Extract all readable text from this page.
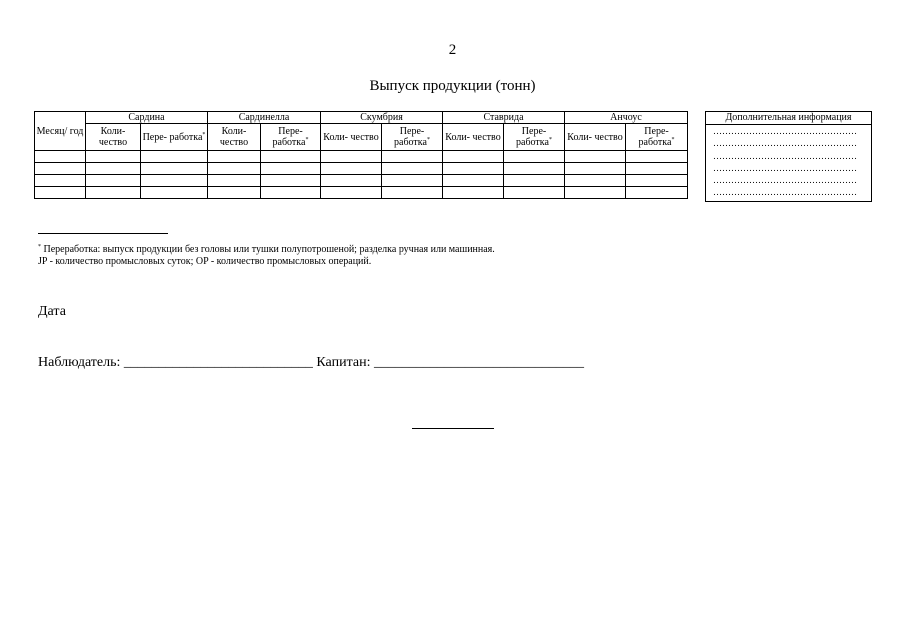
2
Выпуск продукции (тонн)
Месяц/ год	Сардина		Сардинелла		Скумбрия		Ставрида		Анчоус	
	Коли- чество	Пере- работка*	Коли- чество	Пере- работка*	Коли- чество	Пере- работка*	Коли- чество	Пере- работка*	Коли- чество	Пере- работка*

Дополнительная информация
…………………………………………
…………………………………………
…………………………………………
…………………………………………
…………………………………………
…………………………………………
* Переработка: выпуск продукции без головы или тушки полупотрошеной; разделка ручная или машинная.
JP - количество промысловых суток; OP - количество промысловых операций.
Дата
Наблюдатель: ___________________________ Капитан: ______________________________
